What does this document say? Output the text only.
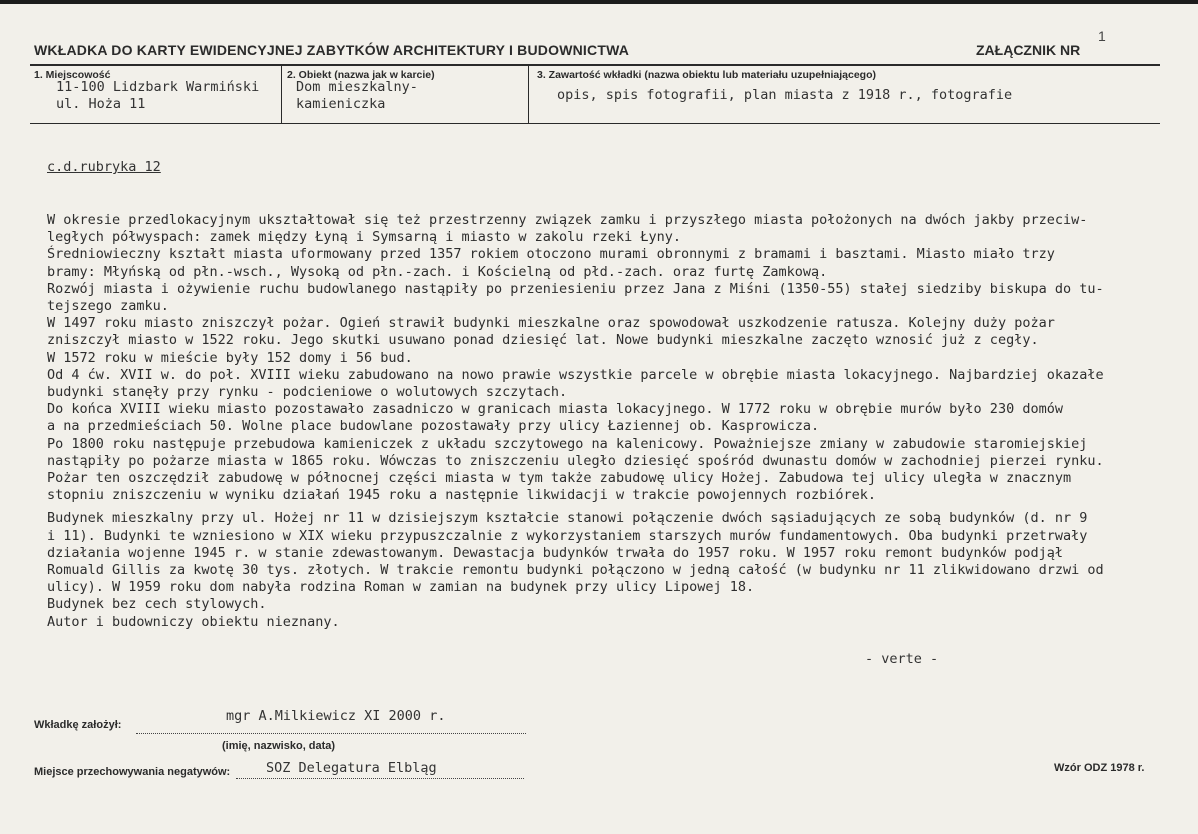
1
WKŁADKA DO KARTY EWIDENCYJNEJ ZABYTKÓW ARCHITEKTURY I BUDOWNICTWA	ZAŁĄCZNIK NR
1. Miejscowość
11-100 Lidzbark Warmiński
ul. Hoża 11
2. Obiekt (nazwa jak w karcie)
Dom mieszkalny-
kamieniczka
3. Zawartość wkładki (nazwa obiektu lub materiału uzupełniającego)
opis, spis fotografii, plan miasta z 1918 r., fotografie
c.d.rubryka 12

W okresie przedlokacyjnym ukształtował się też przestrzenny związek zamku i przyszłego miasta położonych na dwóch jakby przeciw-

ległych półwyspach: zamek między Łyną i Symsarną i miasto w zakolu rzeki Łyny.

Średniowieczny kształt miasta uformowany przed 1357 rokiem otoczono murami obronnymi z bramami i basztami. Miasto miało trzy

bramy: Młyńską od płn.-wsch., Wysoką od płn.-zach. i Kościelną od płd.-zach. oraz furtę Zamkową.

Rozwój miasta i ożywienie ruchu budowlanego nastąpiły po przeniesieniu przez Jana z Miśni (1350-55) stałej siedziby biskupa do tu-

tejszego zamku.

W 1497 roku miasto zniszczył pożar. Ogień strawił budynki mieszkalne oraz spowodował uszkodzenie ratusza. Kolejny duży pożar

zniszczył miasto w 1522 roku. Jego skutki usuwano ponad dziesięć lat. Nowe budynki mieszkalne zaczęto wznosić już z cegły.

W 1572 roku w mieście były 152 domy i 56 bud.

Od 4 ćw. XVII w. do poł. XVIII wieku zabudowano na nowo prawie wszystkie parcele w obrębie miasta lokacyjnego. Najbardziej okazałe

budynki stanęły przy rynku - podcieniowe o wolutowych szczytach.

Do końca XVIII wieku miasto pozostawało zasadniczo w granicach miasta lokacyjnego. W 1772 roku w obrębie murów było 230 domów

a na przedmieściach 50. Wolne place budowlane pozostawały przy ulicy Łaziennej ob. Kasprowicza.

Po 1800 roku następuje przebudowa kamieniczek z układu szczytowego na kalenicowy. Poważniejsze zmiany w zabudowie staromiejskiej

nastąpiły po pożarze miasta w 1865 roku. Wówczas to zniszczeniu uległo dziesięć spośród dwunastu domów w zachodniej pierzei rynku.

Pożar ten oszczędził zabudowę w północnej części miasta w tym także zabudowę ulicy Hożej. Zabudowa tej ulicy uległa w znacznym

stopniu zniszczeniu w wyniku działań 1945 roku a następnie likwidacji w trakcie powojennych rozbiórek.

Budynek mieszkalny przy ul. Hożej nr 11 w dzisiejszym kształcie stanowi połączenie dwóch sąsiadujących ze sobą budynków (d. nr 9

i 11). Budynki te wzniesiono w XIX wieku przypuszczalnie z wykorzystaniem starszych murów fundamentowych. Oba budynki przetrwały

działania wojenne 1945 r. w stanie zdewastowanym. Dewastacja budynków trwała do 1957 roku. W 1957 roku remont budynków podjął

Romuald Gillis za kwotę 30 tys. złotych. W trakcie remontu budynki połączono w jedną całość (w budynku nr 11 zlikwidowano drzwi od

ulicy). W 1959 roku dom nabyła rodzina Roman w zamian na budynek przy ulicy Lipowej 18.

Budynek bez cech stylowych.

Autor i budowniczy obiektu nieznany.

- verte -
Wkładkę założył:
mgr A.Milkiewicz XI 2000 r.
(imię, nazwisko, data)
Miejsce przechowywania negatywów:	SOZ Delegatura Elbląg	Wzór ODZ 1978 r.
